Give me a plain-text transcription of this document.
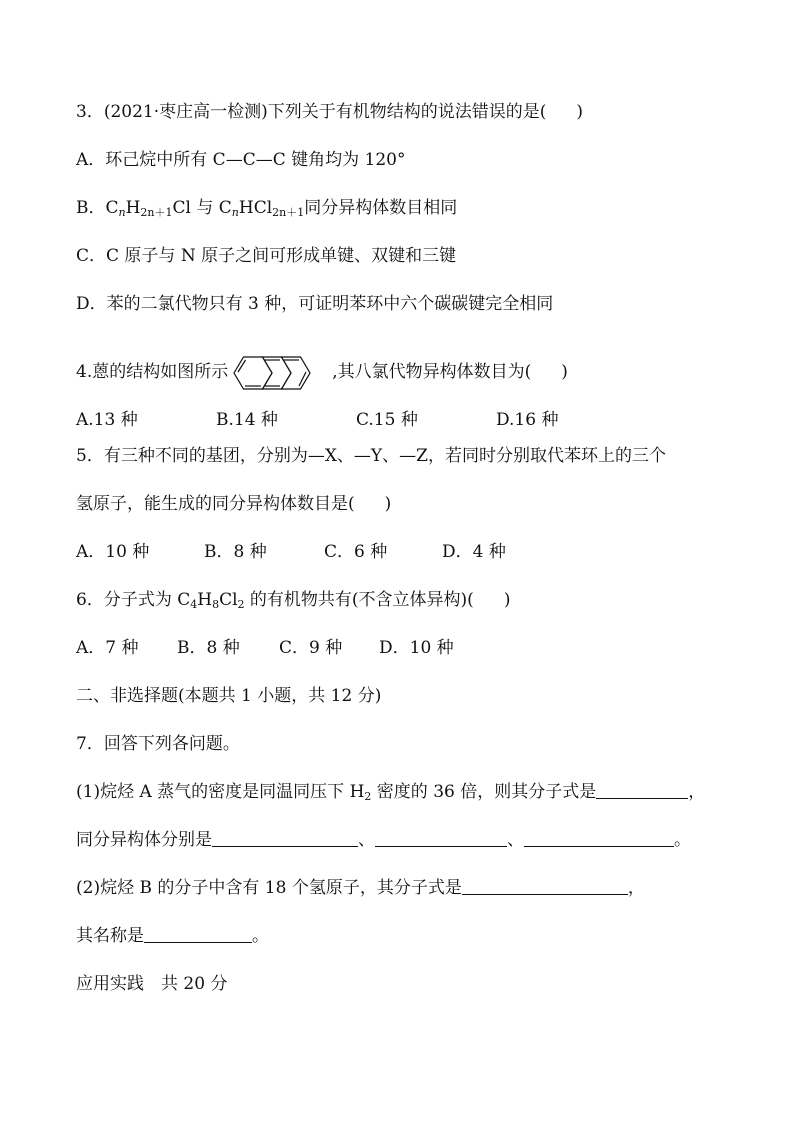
3．(2021·枣庄高一检测)下列关于有机物结构的说法错误的是( )
A．环己烷中所有 C—C—C 键角均为 120°
B．$C_nH_{2n+1}Cl$ 与 $C_nHCl_{2n+1}$同分异构体数目相同
C．C 原子与 N 原子之间可形成单键、双键和三键
D．苯的二氯代物只有 3 种，可证明苯环中六个碳碳键完全相同
4.蒽的结构如图所示	,其八氯代物异构体数目为( )
A.13 种	B.14 种	C.15 种	D.16 种
5．有三种不同的基团，分别为—X、—Y、—Z，若同时分别取代苯环上的三个
氢原子，能生成的同分异构体数目是( )
A．10 种	B．8 种	C．6 种	D．4 种
6．分子式为 $C_4H_8Cl_2$ 的有机物共有(不含立体异构)( )
A．7 种 B．8 种 C．9 种 D．10 种
二、非选择题(本题共 1 小题，共 12 分)
7．回答下列各问题。
(1)烷烃 A 蒸气的密度是同温同压下 $H_2$ 密度的 36 倍，则其分子式是	，
同分异构体分别是	、	、	。
(2)烷烃 B 的分子中含有 18 个氢原子，其分子式是	，
其名称是	。
应用实践　共 20 分
